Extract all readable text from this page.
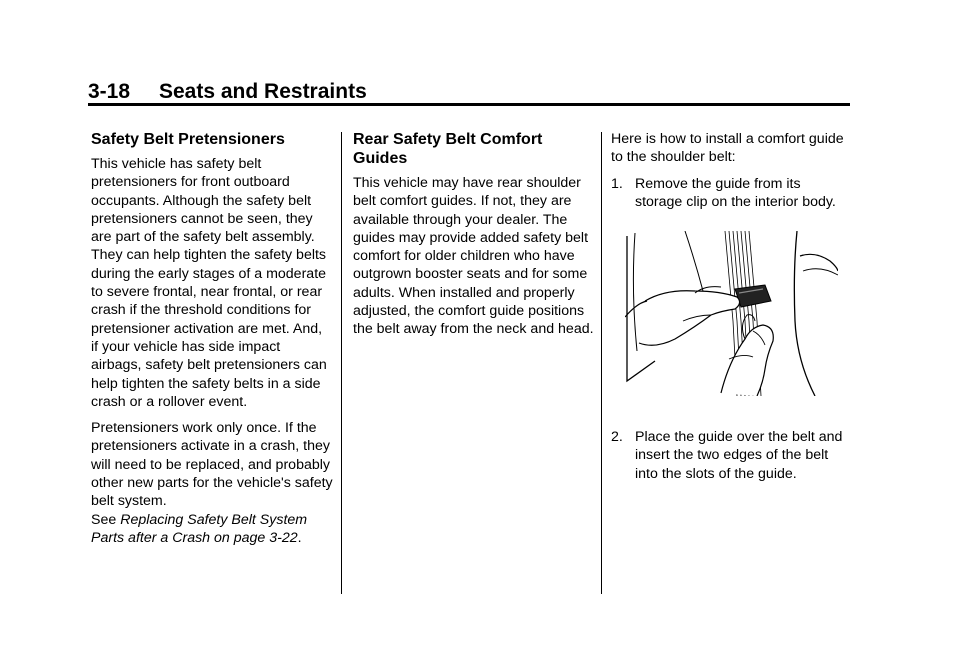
3-18 Seats and Restraints
Safety Belt Pretensioners

This vehicle has safety belt pretensioners for front outboard occupants. Although the safety belt pretensioners cannot be seen, they are part of the safety belt assembly. They can help tighten the safety belts during the early stages of a moderate to severe frontal, near frontal, or rear crash if the threshold conditions for pretensioner activation are met. And, if your vehicle has side impact airbags, safety belt pretensioners can help tighten the safety belts in a side crash or a rollover event.

Pretensioners work only once. If the pretensioners activate in a crash, they will need to be replaced, and probably other new parts for the vehicle's safety belt system.
See Replacing Safety Belt System Parts after a Crash on page 3-22.

Rear Safety Belt Comfort Guides

This vehicle may have rear shoulder belt comfort guides. If not, they are available through your dealer. The guides may provide added safety belt comfort for older children who have outgrown booster seats and for some adults. When installed and properly adjusted, the comfort guide positions the belt away from the neck and head.

Here is how to install a comfort guide to the shoulder belt:

1. Remove the guide from its storage clip on the interior body.
2. Place the guide over the belt and insert the two edges of the belt into the slots of the guide.
